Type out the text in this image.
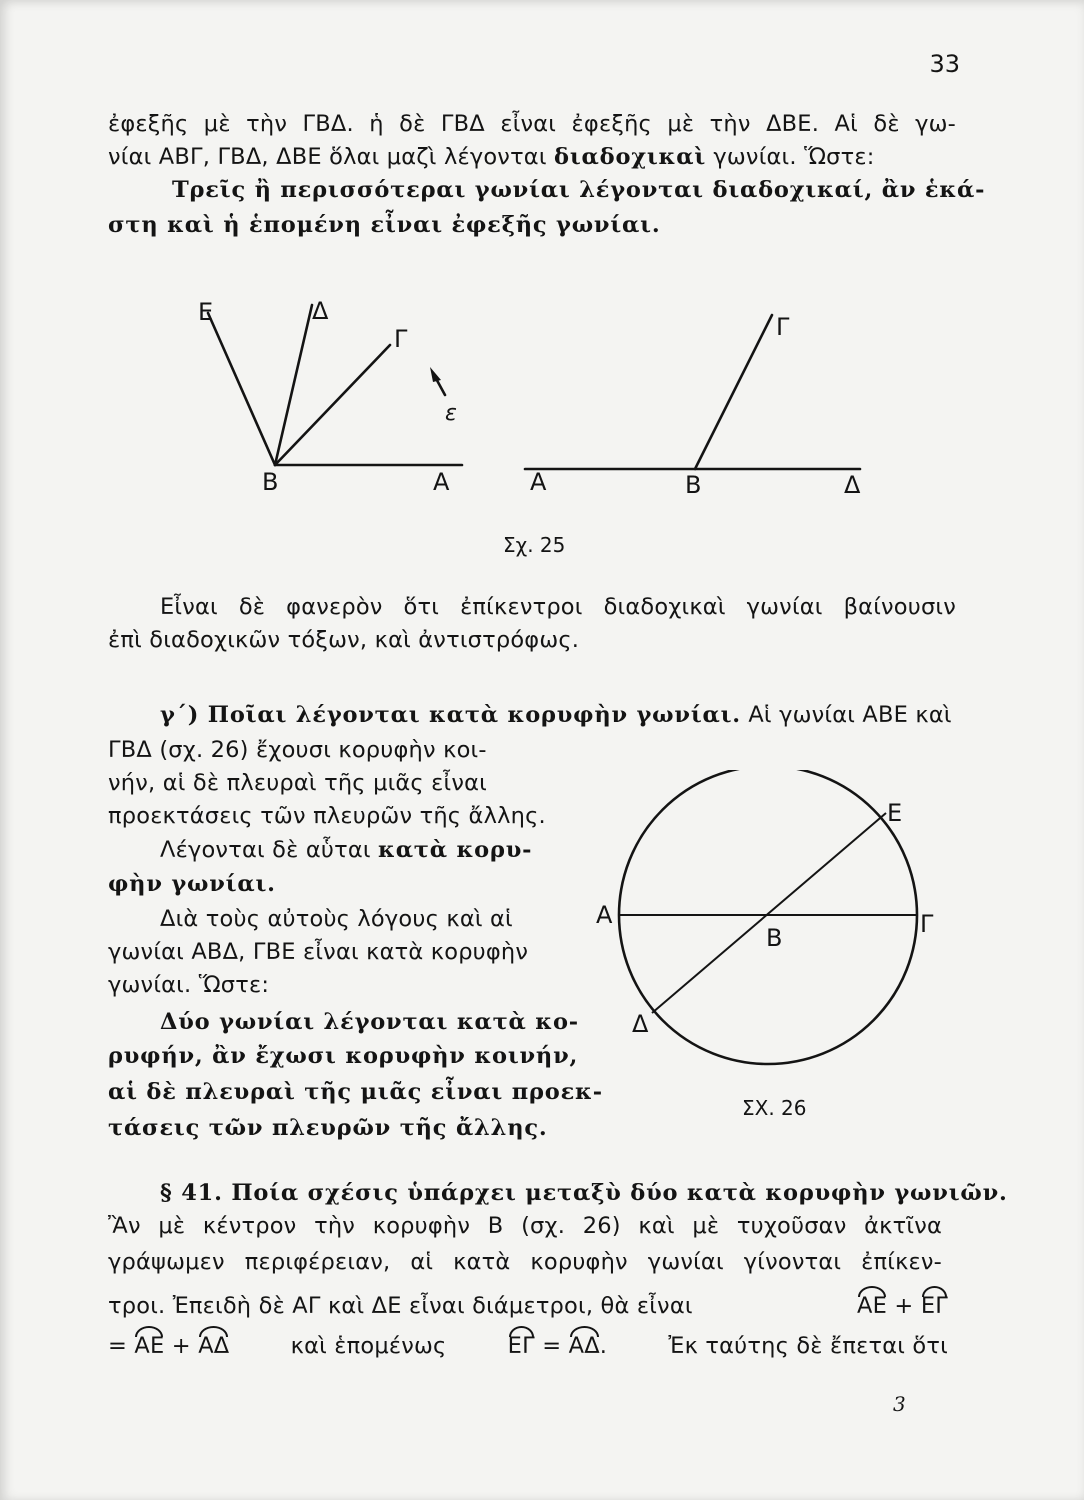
33
ἐφεξῆς μὲ τὴν ΓΒΔ. ἡ δὲ ΓΒΔ εἶναι ἐφεξῆς μὲ τὴν ΔΒΕ. Αἱ δὲ γω-
νίαι ΑΒΓ, ΓΒΔ, ΔΒΕ ὅλαι μαζὶ λέγονται διαδοχικαὶ γωνίαι. Ὥστε:
Τρεῖς ἢ περισσότεραι γωνίαι λέγονται διαδοχικαί, ἂν ἑκά-
στη καὶ ἡ ἑπομένη εἶναι ἐφεξῆς γωνίαι.
Ε	Δ
Γ
Β	Α
ε
Γ
Α	Β	Δ
Σχ. 25
Εἶναι δὲ φανερὸν ὅτι ἐπίκεντροι διαδοχικαὶ γωνίαι βαίνουσιν
ἐπὶ διαδοχικῶν τόξων, καὶ ἀντιστρόφως.
γ΄) Ποῖαι λέγονται κατὰ κορυφὴν γωνίαι. Αἱ γωνίαι ΑΒΕ καὶ
ΓΒΔ (σχ. 26) ἔχουσι κορυφὴν κοι-
νήν, αἱ δὲ πλευραὶ τῆς μιᾶς εἶναι
προεκτάσεις τῶν πλευρῶν τῆς ἄλλης.
Λέγονται δὲ αὗται κατὰ κορυ-
φὴν γωνίαι.
Διὰ τοὺς αὐτοὺς λόγους καὶ αἱ
γωνίαι ΑΒΔ, ΓΒΕ εἶναι κατὰ κορυφὴν
γωνίαι. Ὥστε:
Δύο γωνίαι λέγονται κατὰ κο-
ρυφήν, ἂν ἔχωσι κορυφὴν κοινήν,
αἱ δὲ πλευραὶ τῆς μιᾶς εἶναι προεκ-
τάσεις τῶν πλευρῶν τῆς ἄλλης.
Ε
Α
Β	Γ
Δ
ΣΧ. 26
§ 41. Ποία σχέσις ὑπάρχει μεταξὺ δύο κατὰ κορυφὴν γωνιῶν.
Ἂν μὲ κέντρον τὴν κορυφὴν Β (σχ. 26) καὶ μὲ τυχοῦσαν ἀκτῖνα
γράψωμεν περιφέρειαν, αἱ κατὰ κορυφὴν γωνίαι γίνονται ἐπίκεν-
τροι. Ἐπειδὴ δὲ ΑΓ καὶ ΔΕ εἶναι διάμετροι, θὰ εἶναι	ΑΕ + ΕΓ
= ΑΕ + ΑΔ	καὶ ἑπομένως	ΕΓ = ΑΔ.	Ἐκ ταύτης δὲ ἔπεται ὅτι
3
